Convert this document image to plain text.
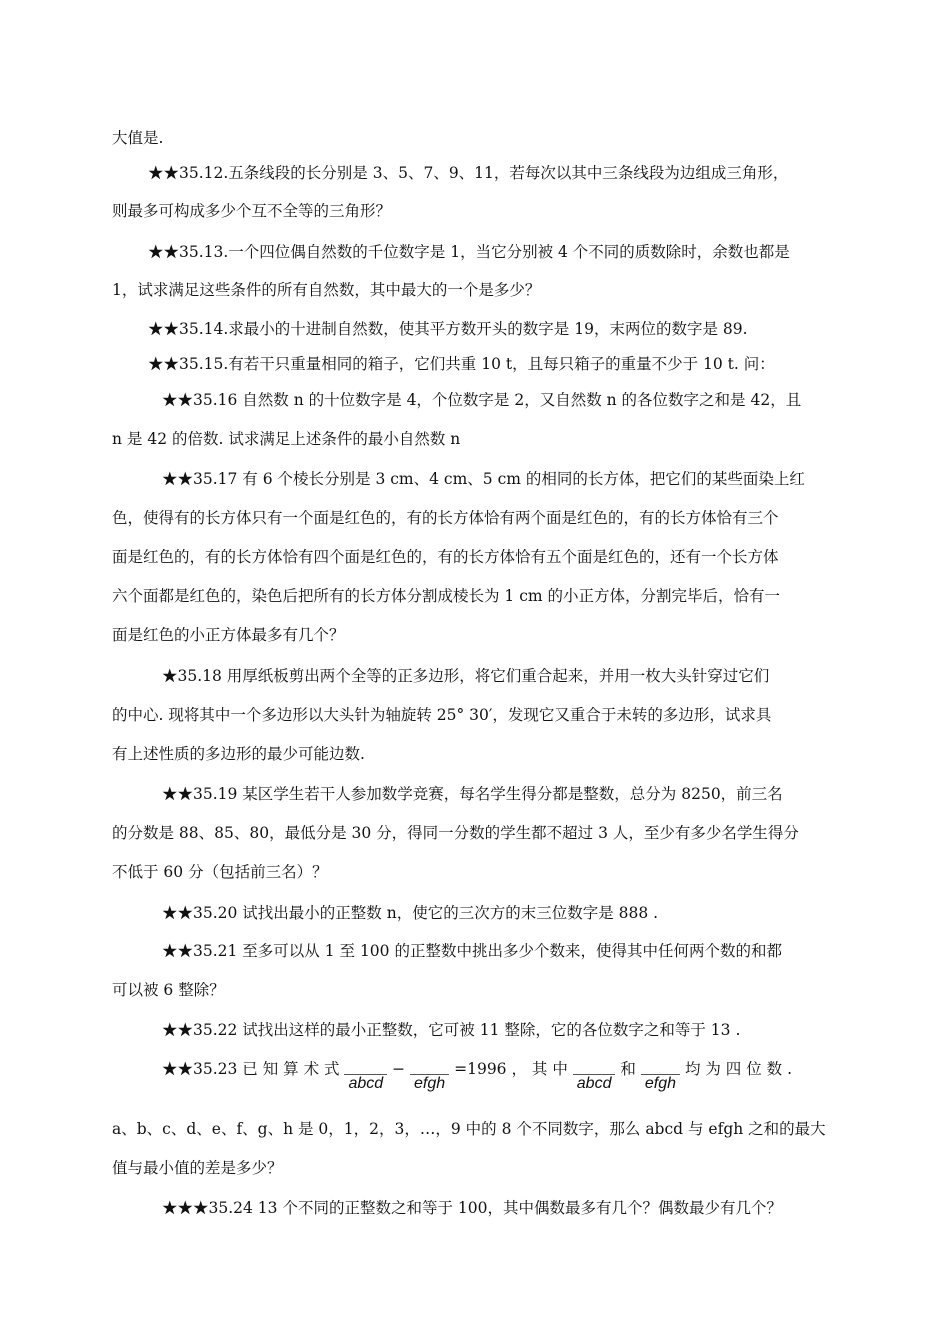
大值是.
★★35.12.五条线段的长分别是 3、5、7、9、11，若每次以其中三条线段为边组成三角形，
则最多可构成多少个互不全等的三角形？
★★35.13.一个四位偶自然数的千位数字是 1，当它分别被 4 个不同的质数除时，余数也都是
1，试求满足这些条件的所有自然数，其中最大的一个是多少？
★★35.14.求最小的十进制自然数，使其平方数开头的数字是 19，末两位的数字是 89.
★★35.15.有若干只重量相同的箱子，它们共重 10 t，且每只箱子的重量不少于 10 t. 问：
★★35.16 自然数 n 的十位数字是 4，个位数字是 2，又自然数 n 的各位数字之和是 42，且
n 是 42 的倍数. 试求满足上述条件的最小自然数 n
★★35.17 有 6 个棱长分别是 3 cm、4 cm、5 cm 的相同的长方体，把它们的某些面染上红
色，使得有的长方体只有一个面是红色的，有的长方体恰有两个面是红色的，有的长方体恰有三个
面是红色的，有的长方体恰有四个面是红色的，有的长方体恰有五个面是红色的，还有一个长方体
六个面都是红色的，染色后把所有的长方体分割成棱长为 1 cm 的小正方体，分割完毕后，恰有一
面是红色的小正方体最多有几个？
★35.18 用厚纸板剪出两个全等的正多边形，将它们重合起来，并用一枚大头针穿过它们
的中心. 现将其中一个多边形以大头针为轴旋转 25° 30′，发现它又重合于未转的多边形，试求具
有上述性质的多边形的最少可能边数.
★★35.19 某区学生若干人参加数学竞赛，每名学生得分都是整数，总分为 8250，前三名
的分数是 88、85、80，最低分是 30 分，得同一分数的学生都不超过 3 人，至少有多少名学生得分
不低于 60 分（包括前三名）？
★★35.20 试找出最小的正整数 n，使它的三次方的末三位数字是 888 .
★★35.21 至多可以从 1 至 100 的正整数中挑出多少个数来，使得其中任何两个数的和都
可以被 6 整除？
★★35.22 试找出这样的最小正整数，它可被 11 整除，它的各位数字之和等于 13 .
★★35.23 已 知 算 术 式 abcd − efgh =1996 ， 其 中 abcd 和 efgh 均 为 四 位 数 .
a、b、c、d、e、f、g、h 是 0，1，2，3，…，9 中的 8 个不同数字，那么 abcd 与 efgh 之和的最大
值与最小值的差是多少？
★★★35.24 13 个不同的正整数之和等于 100，其中偶数最多有几个？偶数最少有几个？
